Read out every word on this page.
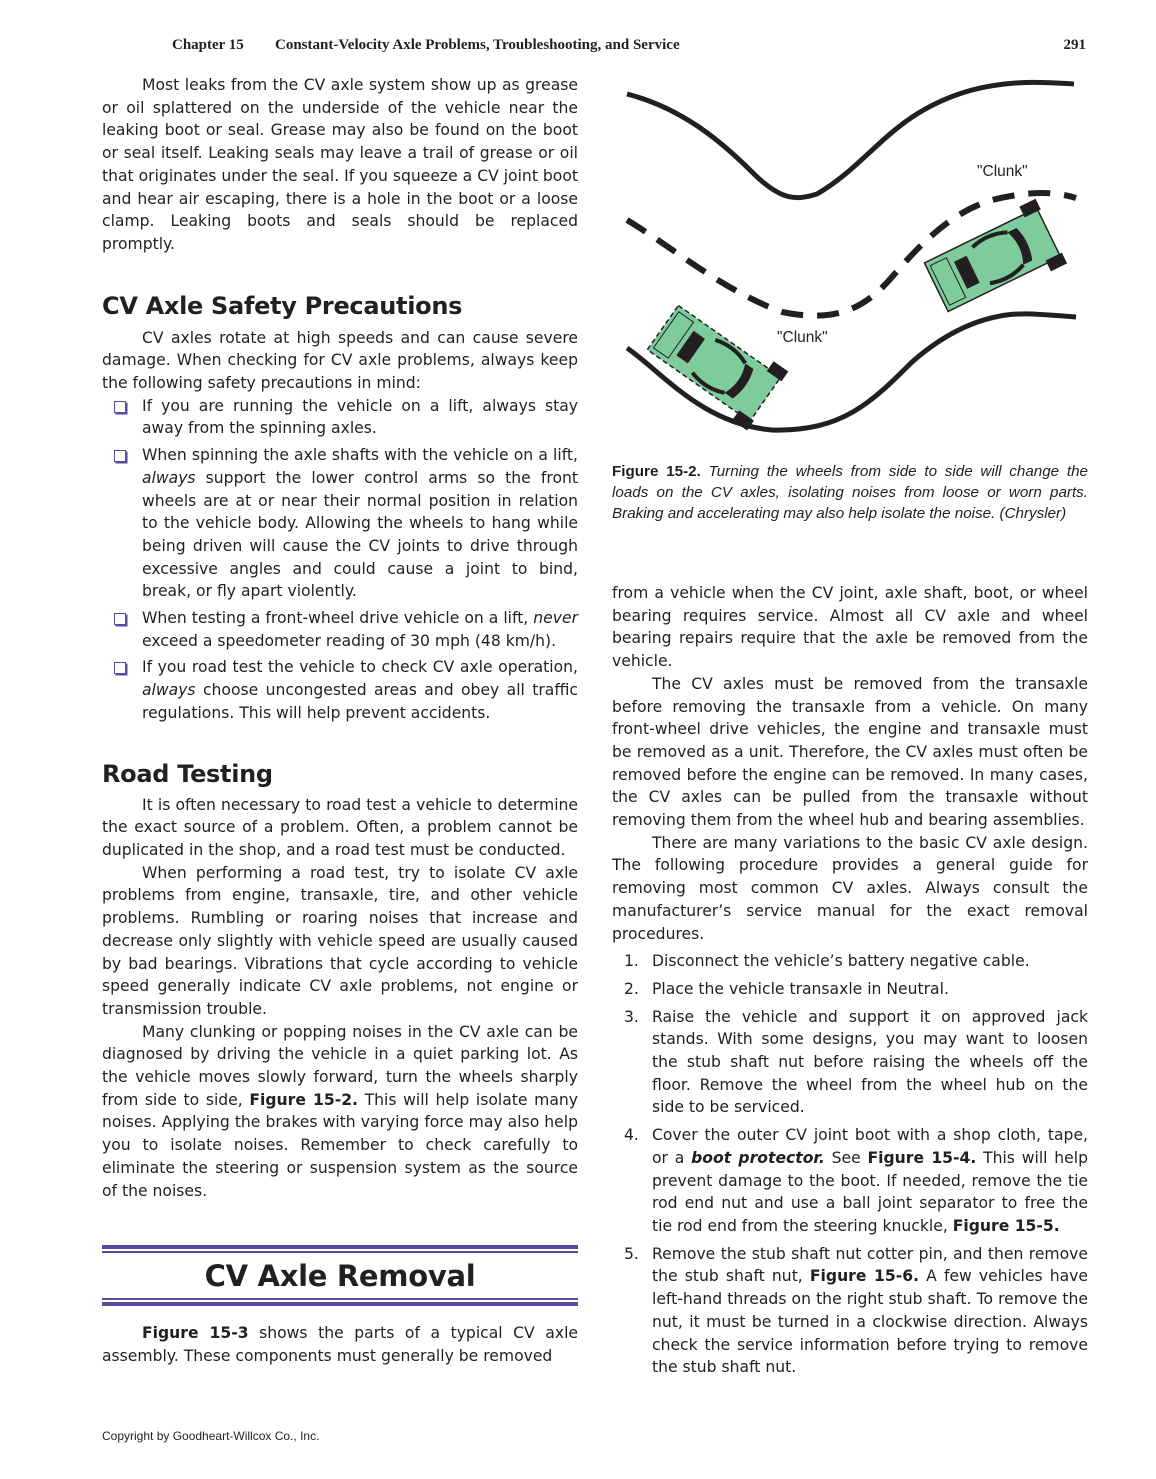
Chapter 15 Constant-Velocity Axle Problems, Troubleshooting, and Service	291

Most leaks from the CV axle system show up as grease or oil splattered on the underside of the vehicle near the leaking boot or seal. Grease may also be found on the boot or seal itself. Leaking seals may leave a trail of grease or oil that originates under the seal. If you squeeze a CV joint boot and hear air escaping, there is a hole in the boot or a loose clamp. Leaking boots and seals should be replaced promptly.

CV Axle Safety Precautions

CV axles rotate at high speeds and can cause severe damage. When checking for CV axle problems, always keep the following safety precautions in mind:

If you are running the vehicle on a lift, always stay away from the spinning axles.
When spinning the axle shafts with the vehicle on a lift, always support the lower control arms so the front wheels are at or near their normal position in relation to the vehicle body. Allowing the wheels to hang while being driven will cause the CV joints to drive through excessive angles and could cause a joint to bind, break, or fly apart violently.
When testing a front-wheel drive vehicle on a lift, never exceed a speedometer reading of 30 mph (48 km/h).
If you road test the vehicle to check CV axle operation, always choose uncongested areas and obey all traffic regulations. This will help prevent accidents.
Road Testing

It is often necessary to road test a vehicle to determine the exact source of a problem. Often, a problem cannot be duplicated in the shop, and a road test must be conducted.

When performing a road test, try to isolate CV axle problems from engine, transaxle, tire, and other vehicle problems. Rumbling or roaring noises that increase and decrease only slightly with vehicle speed are usually caused by bad bearings. Vibrations that cycle according to vehicle speed generally indicate CV axle problems, not engine or transmission trouble.

Many clunking or popping noises in the CV axle can be diagnosed by driving the vehicle in a quiet parking lot. As the vehicle moves slowly forward, turn the wheels sharply from side to side, Figure 15-2. This will help isolate many noises. Applying the brakes with varying force may also help you to isolate noises. Remember to check carefully to eliminate the steering or suspension system as the source of the noises.

CV Axle Removal

Figure 15-3 shows the parts of a typical CV axle assembly. These components must generally be removed

"Clunk"
"Clunk"
Figure 15-2. Turning the wheels from side to side will change the loads on the CV axles, isolating noises from loose or worn parts. Braking and accelerating may also help isolate the noise. (Chrysler)

from a vehicle when the CV joint, axle shaft, boot, or wheel bearing requires service. Almost all CV axle and wheel bearing repairs require that the axle be removed from the vehicle.

The CV axles must be removed from the transaxle before removing the transaxle from a vehicle. On many front-wheel drive vehicles, the engine and transaxle must be removed as a unit. Therefore, the CV axles must often be removed before the engine can be removed. In many cases, the CV axles can be pulled from the transaxle without removing them from the wheel hub and bearing assemblies.

There are many variations to the basic CV axle design. The following procedure provides a general guide for removing most common CV axles. Always consult the manufacturer’s service manual for the exact removal procedures.

1. Disconnect the vehicle’s battery negative cable.
2. Place the vehicle transaxle in Neutral.
3. Raise the vehicle and support it on approved jack stands. With some designs, you may want to loosen the stub shaft nut before raising the wheels off the floor. Remove the wheel from the wheel hub on the side to be serviced.
4. Cover the outer CV joint boot with a shop cloth, tape, or a boot protector. See Figure 15-4. This will help prevent damage to the boot. If needed, remove the tie rod end nut and use a ball joint separator to free the tie rod end from the steering knuckle, Figure 15-5.
5. Remove the stub shaft nut cotter pin, and then remove the stub shaft nut, Figure 15-6. A few vehicles have left-hand threads on the right stub shaft. To remove the nut, it must be turned in a clockwise direction. Always check the service information before trying to remove the stub shaft nut.
Copyright by Goodheart-Willcox Co., Inc.
